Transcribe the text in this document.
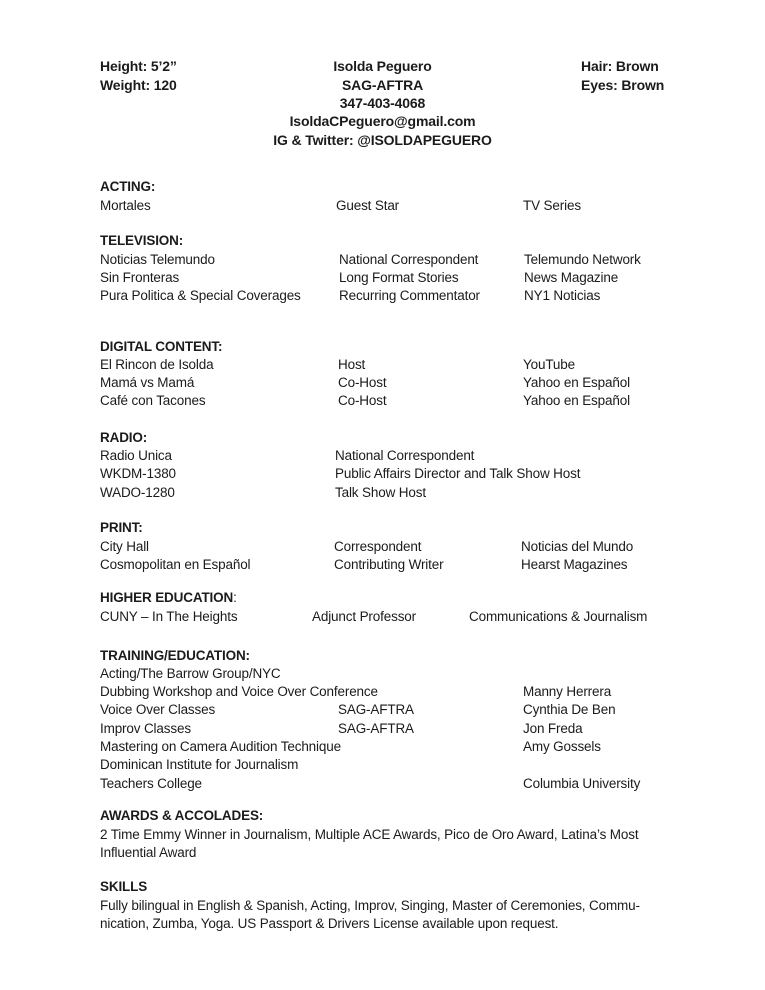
Height: 5’2”	Isolda Peguero	Hair: Brown
Weight: 120	SAG-AFTRA	Eyes: Brown
347-403-4068
IsoldaCPeguero@gmail.com
IG & Twitter: @ISOLDAPEGUERO
ACTING:
Mortales	Guest Star	TV Series
TELEVISION:
Noticias Telemundo	National Correspondent	Telemundo Network
Sin Fronteras	Long Format Stories	News Magazine
Pura Politica & Special Coverages	Recurring Commentator	NY1 Noticias
DIGITAL CONTENT:
El Rincon de Isolda	Host	YouTube
Mamá vs Mamá	Co-Host	Yahoo en Español
Café con Tacones	Co-Host	Yahoo en Español
RADIO:
Radio Unica	National Correspondent
WKDM-1380	Public Affairs Director and Talk Show Host
WADO-1280	Talk Show Host
PRINT:
City Hall	Correspondent	Noticias del Mundo
Cosmopolitan en Español	Contributing Writer	Hearst Magazines
HIGHER EDUCATION:
CUNY – In The Heights	Adjunct Professor	Communications & Journalism
TRAINING/EDUCATION:
Acting/The Barrow Group/NYC
Dubbing Workshop and Voice Over Conference	Manny Herrera
Voice Over Classes	SAG-AFTRA	Cynthia De Ben
Improv Classes	SAG-AFTRA	Jon Freda
Mastering on Camera Audition Technique	Amy Gossels
Dominican Institute for Journalism
Teachers College	Columbia University
AWARDS & ACCOLADES:
2 Time Emmy Winner in Journalism, Multiple ACE Awards, Pico de Oro Award, Latina’s Most
Influential Award
SKILLS
Fully bilingual in English & Spanish, Acting, Improv, Singing, Master of Ceremonies, Commu-
nication, Zumba, Yoga. US Passport & Drivers License available upon request.
